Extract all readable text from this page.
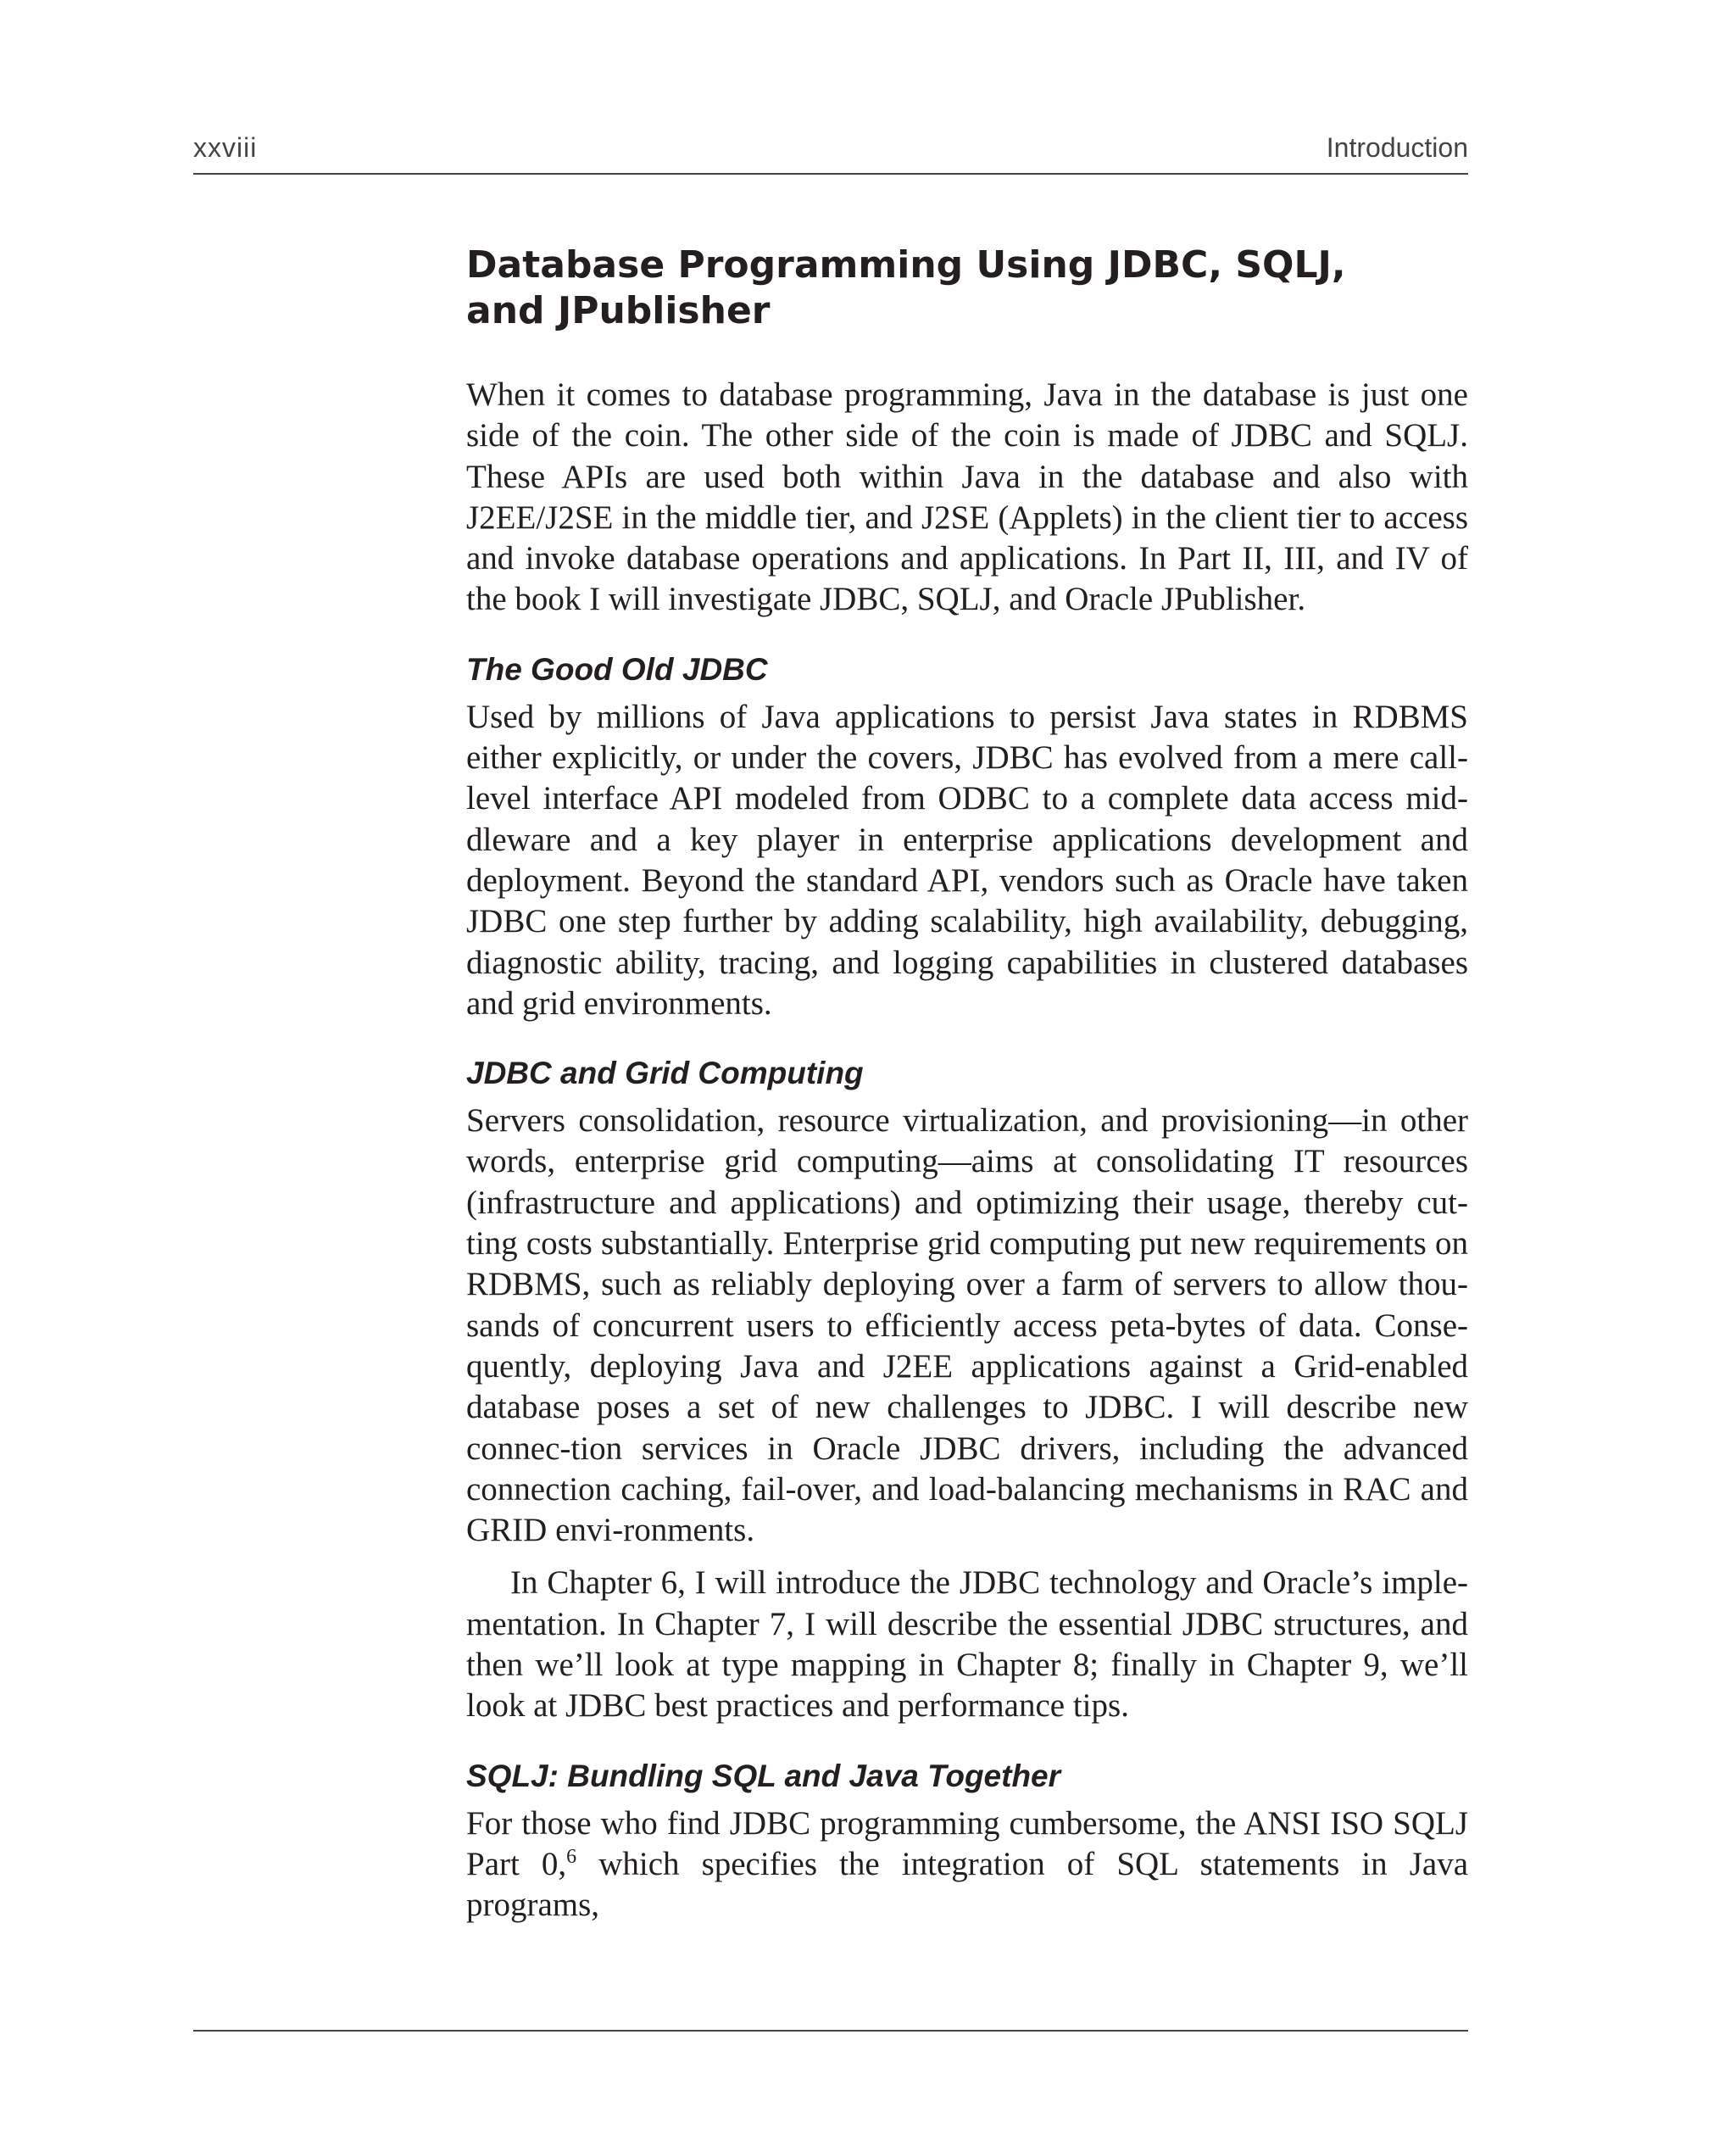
xxviii	Introduction
Database Programming Using JDBC, SQLJ,
and JPublisher

When it comes to database programming, Java in the database is just one side of the coin. The other side of the coin is made of JDBC and SQLJ. These APIs are used both within Java in the database and also with J2EE/J2SE in the middle tier, and J2SE (Applets) in the client tier to access and invoke database operations and applications. In Part II, III, and IV of the book I will investigate JDBC, SQLJ, and Oracle JPublisher.

The Good Old JDBC

Used by millions of Java applications to persist Java states in RDBMS either explicitly, or under the covers, JDBC has evolved from a mere call-level interface API modeled from ODBC to a complete data access mid-dleware and a key player in enterprise applications development and deployment. Beyond the standard API, vendors such as Oracle have taken JDBC one step further by adding scalability, high availability, debugging, diagnostic ability, tracing, and logging capabilities in clustered databases and grid environments.

JDBC and Grid Computing

Servers consolidation, resource virtualization, and provisioning—in other words, enterprise grid computing—aims at consolidating IT resources (infrastructure and applications) and optimizing their usage, thereby cut-ting costs substantially. Enterprise grid computing put new requirements on RDBMS, such as reliably deploying over a farm of servers to allow thou-sands of concurrent users to efficiently access peta-bytes of data. Conse-quently, deploying Java and J2EE applications against a Grid-enabled database poses a set of new challenges to JDBC. I will describe new connec-tion services in Oracle JDBC drivers, including the advanced connection caching, fail-over, and load-balancing mechanisms in RAC and GRID envi-ronments.

In Chapter 6, I will introduce the JDBC technology and Oracle’s imple-mentation. In Chapter 7, I will describe the essential JDBC structures, and then we’ll look at type mapping in Chapter 8; finally in Chapter 9, we’ll look at JDBC best practices and performance tips.

SQLJ: Bundling SQL and Java Together

For those who find JDBC programming cumbersome, the ANSI ISO SQLJ Part 0,$^6$ which specifies the integration of SQL statements in Java programs,
